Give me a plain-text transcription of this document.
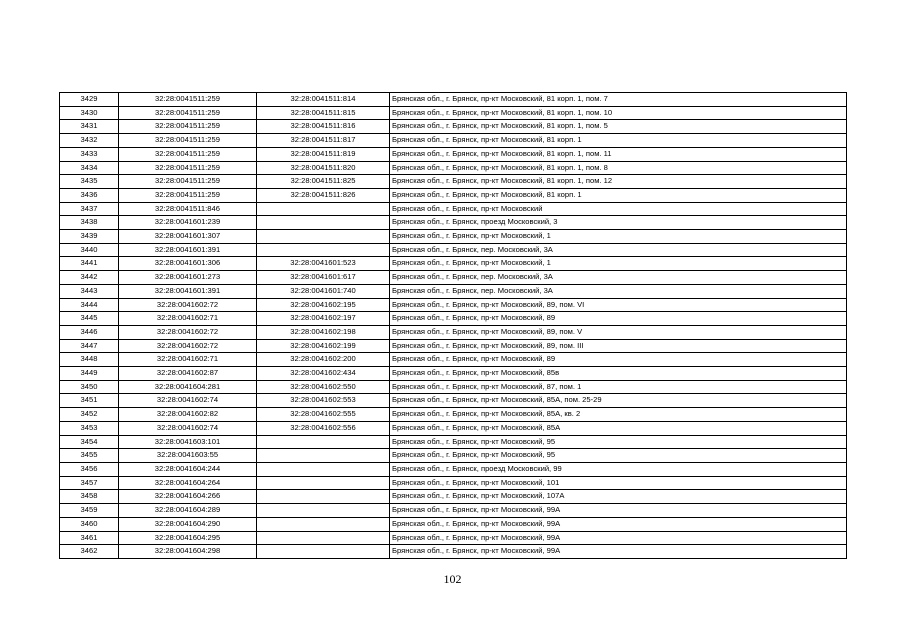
3429	32:28:0041511:259	32:28:0041511:814	Брянская обл., г. Брянск, пр-кт Московский, 81 корп. 1, пом. 7
3430	32:28:0041511:259	32:28:0041511:815	Брянская обл., г. Брянск, пр-кт Московский, 81 корп. 1, пом. 10
3431	32:28:0041511:259	32:28:0041511:816	Брянская обл., г. Брянск, пр-кт Московский, 81 корп. 1, пом. 5
3432	32:28:0041511:259	32:28:0041511:817	Брянская обл., г. Брянск, пр-кт Московский, 81 корп. 1
3433	32:28:0041511:259	32:28:0041511:819	Брянская обл., г. Брянск, пр-кт Московский, 81 корп. 1, пом. 11
3434	32:28:0041511:259	32:28:0041511:820	Брянская обл., г. Брянск, пр-кт Московский, 81 корп. 1, пом. 8
3435	32:28:0041511:259	32:28:0041511:825	Брянская обл., г. Брянск, пр-кт Московский, 81 корп. 1, пом. 12
3436	32:28:0041511:259	32:28:0041511:826	Брянская обл., г. Брянск, пр-кт Московский, 81 корп. 1
3437	32:28:0041511:846		Брянская обл., г. Брянск, пр-кт Московский
3438	32:28:0041601:239		Брянская обл., г. Брянск, проезд Московский, 3
3439	32:28:0041601:307		Брянская обл., г. Брянск, пр-кт Московский, 1
3440	32:28:0041601:391		Брянская обл., г. Брянск, пер. Московский, 3А
3441	32:28:0041601:306	32:28:0041601:523	Брянская обл., г. Брянск, пр-кт Московский, 1
3442	32:28:0041601:273	32:28:0041601:617	Брянская обл., г. Брянск, пер. Московский, 3А
3443	32:28:0041601:391	32:28:0041601:740	Брянская обл., г. Брянск, пер. Московский, 3А
3444	32:28:0041602:72	32:28:0041602:195	Брянская обл., г. Брянск, пр-кт Московский, 89, пом. VI
3445	32:28:0041602:71	32:28:0041602:197	Брянская обл., г. Брянск, пр-кт Московский, 89
3446	32:28:0041602:72	32:28:0041602:198	Брянская обл., г. Брянск, пр-кт Московский, 89, пом. V
3447	32:28:0041602:72	32:28:0041602:199	Брянская обл., г. Брянск, пр-кт Московский, 89, пом. III
3448	32:28:0041602:71	32:28:0041602:200	Брянская обл., г. Брянск, пр-кт Московский, 89
3449	32:28:0041602:87	32:28:0041602:434	Брянская обл., г. Брянск, пр-кт Московский, 85в
3450	32:28:0041604:281	32:28:0041602:550	Брянская обл., г. Брянск, пр-кт Московский, 87, пом. 1
3451	32:28:0041602:74	32:28:0041602:553	Брянская обл., г. Брянск, пр-кт Московский, 85А, пом. 25-29
3452	32:28:0041602:82	32:28:0041602:555	Брянская обл., г. Брянск, пр-кт Московский, 85А, кв. 2
3453	32:28:0041602:74	32:28:0041602:556	Брянская обл., г. Брянск, пр-кт Московский, 85А
3454	32:28:0041603:101		Брянская обл., г. Брянск, пр-кт Московский, 95
3455	32:28:0041603:55		Брянская обл., г. Брянск, пр-кт Московский, 95
3456	32:28:0041604:244		Брянская обл., г. Брянск, проезд Московский, 99
3457	32:28:0041604:264		Брянская обл., г. Брянск, пр-кт Московский, 101
3458	32:28:0041604:266		Брянская обл., г. Брянск, пр-кт Московский, 107А
3459	32:28:0041604:289		Брянская обл., г. Брянск, пр-кт Московский, 99А
3460	32:28:0041604:290		Брянская обл., г. Брянск, пр-кт Московский, 99А
3461	32:28:0041604:295		Брянская обл., г. Брянск, пр-кт Московский, 99А
3462	32:28:0041604:298		Брянская обл., г. Брянск, пр-кт Московский, 99А
102
